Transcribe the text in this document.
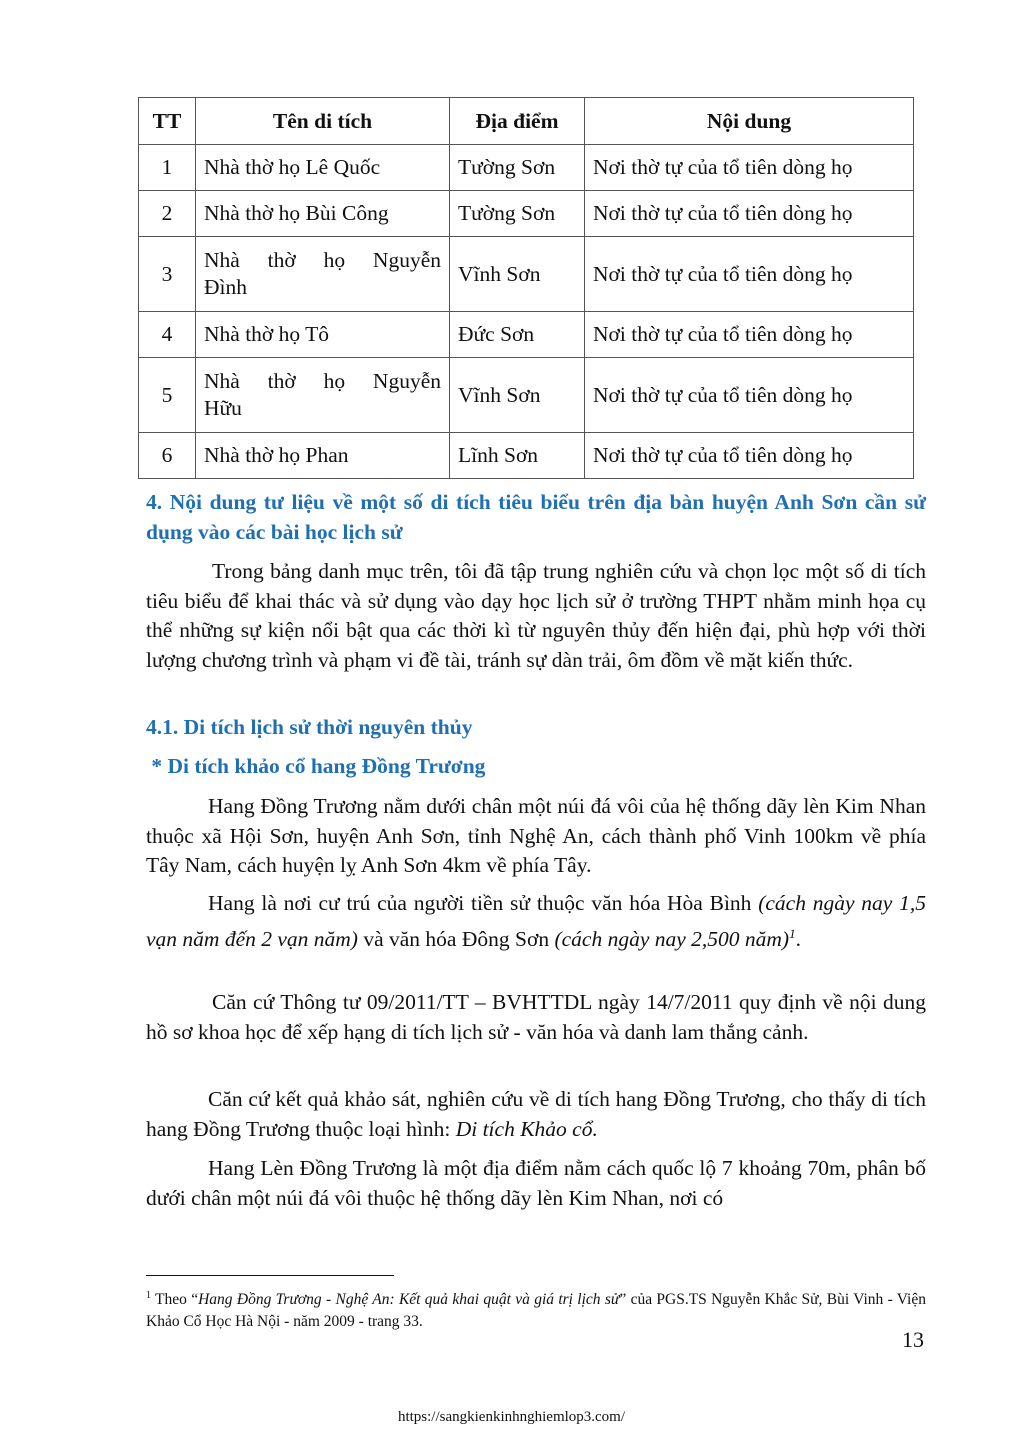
TT	Tên di tích	Địa điểm	Nội dung
1	Nhà thờ họ Lê Quốc	Tường Sơn	Nơi thờ tự của tổ tiên dòng họ
2	Nhà thờ họ Bùi Công	Tường Sơn	Nơi thờ tự của tổ tiên dòng họ
3	Nhà thờ họ Nguyễn
Đình	Vĩnh Sơn	Nơi thờ tự của tổ tiên dòng họ
4	Nhà thờ họ Tô	Đức Sơn	Nơi thờ tự của tổ tiên dòng họ
5	Nhà thờ họ Nguyễn
Hữu	Vĩnh Sơn	Nơi thờ tự của tổ tiên dòng họ
6	Nhà thờ họ Phan	Lĩnh Sơn	Nơi thờ tự của tổ tiên dòng họ
4. Nội dung tư liệu về một số di tích tiêu biểu trên địa bàn huyện Anh Sơn cần sử dụng vào các bài học lịch sử
Trong bảng danh mục trên, tôi đã tập trung nghiên cứu và chọn lọc một số di tích tiêu biểu để khai thác và sử dụng vào dạy học lịch sử ở trường THPT nhằm minh họa cụ thể những sự kiện nổi bật qua các thời kì từ nguyên thủy đến hiện đại, phù hợp với thời lượng chương trình và phạm vi đề tài, tránh sự dàn trải, ôm đồm về mặt kiến thức.
4.1. Di tích lịch sử thời nguyên thủy
* Di tích khảo cổ hang Đồng Trương
Hang Đồng Trương nằm dưới chân một núi đá vôi của hệ thống dãy lèn Kim Nhan thuộc xã Hội Sơn, huyện Anh Sơn, tỉnh Nghệ An, cách thành phố Vinh 100km về phía Tây Nam, cách huyện lỵ Anh Sơn 4km về phía Tây.
Hang là nơi cư trú của người tiền sử thuộc văn hóa Hòa Bình (cách ngày nay 1,5 vạn năm đến 2 vạn năm) và văn hóa Đông Sơn (cách ngày nay 2,500 năm)$^1$.
Căn cứ Thông tư 09/2011/TT – BVHTTDL ngày 14/7/2011 quy định về nội dung hồ sơ khoa học để xếp hạng di tích lịch sử - văn hóa và danh lam thắng cảnh.
Căn cứ kết quả khảo sát, nghiên cứu về di tích hang Đồng Trương, cho thấy di tích hang Đồng Trương thuộc loại hình: Di tích Khảo cổ.
Hang Lèn Đồng Trương là một địa điểm nằm cách quốc lộ 7 khoảng 70m, phân bố dưới chân một núi đá vôi thuộc hệ thống dãy lèn Kim Nhan, nơi có
$^1$ Theo “Hang Đồng Trương - Nghệ An: Kết quả khai quật và giá trị lịch sử” của PGS.TS Nguyễn Khắc Sử, Bùi Vinh - Viện Khảo Cổ Học Hà Nội - năm 2009 - trang 33.
13
https://sangkienkinhnghiemlop3.com/
